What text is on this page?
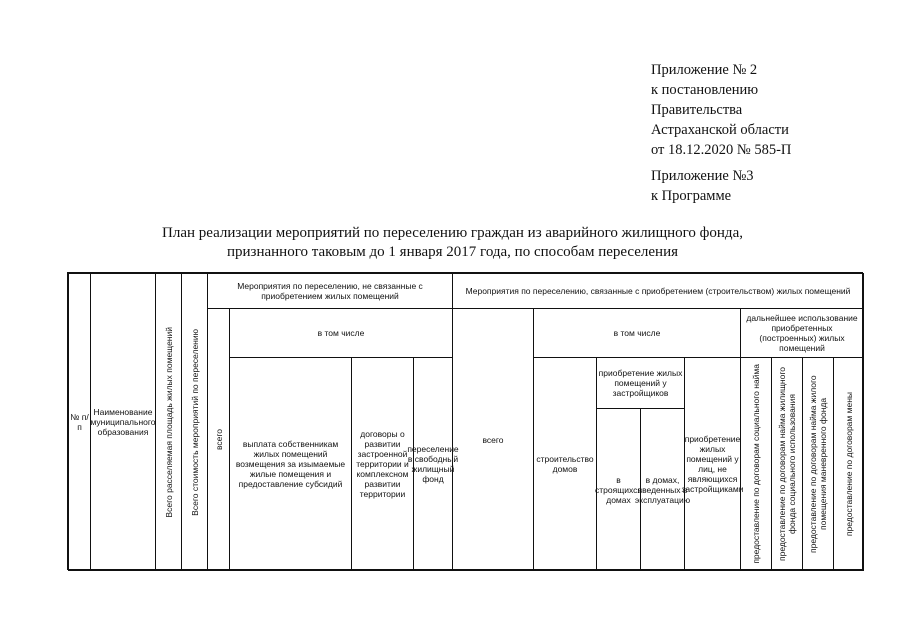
Приложение № 2
к постановлению
Правительства
Астраханской области
от 18.12.2020 № 585-П
Приложение №3
к Программе
План реализации мероприятий по переселению граждан из аварийного жилищного фонда,
признанного таковым до 1 января 2017 года, по способам переселения
№ п/п
Наименование муниципального образования	Всего расселяемая площадь жилых помещений Всего стоимость мероприятий по переселению
Мероприятия по переселению, не связанные с приобретением жилых помещений
всего
в том числе
выплата собственникам жилых помещений возмещения за изымаемые жилые помещения и предоставление субсидий
договоры о развитии застроенной территории и комплексном развитии территории
переселение в свободный жилищный фонд
Мероприятия по переселению, связанные с приобретением (строительством) жилых помещений
всего
в том числе
строительство домов
приобретение жилых помещений у застройщиков
в строящихся домах
в домах, введенных в эксплуатацию
приобретение жилых помещений у лиц, не являющихся застройщиками
дальнейшее использование приобретенных (построенных) жилых помещений
предоставление по договорам социального найма предоставление по договорам найма жилищного фонда социального использования предоставление по договорам найма жилого помещения маневренного фонда предоставление по договорам мены
